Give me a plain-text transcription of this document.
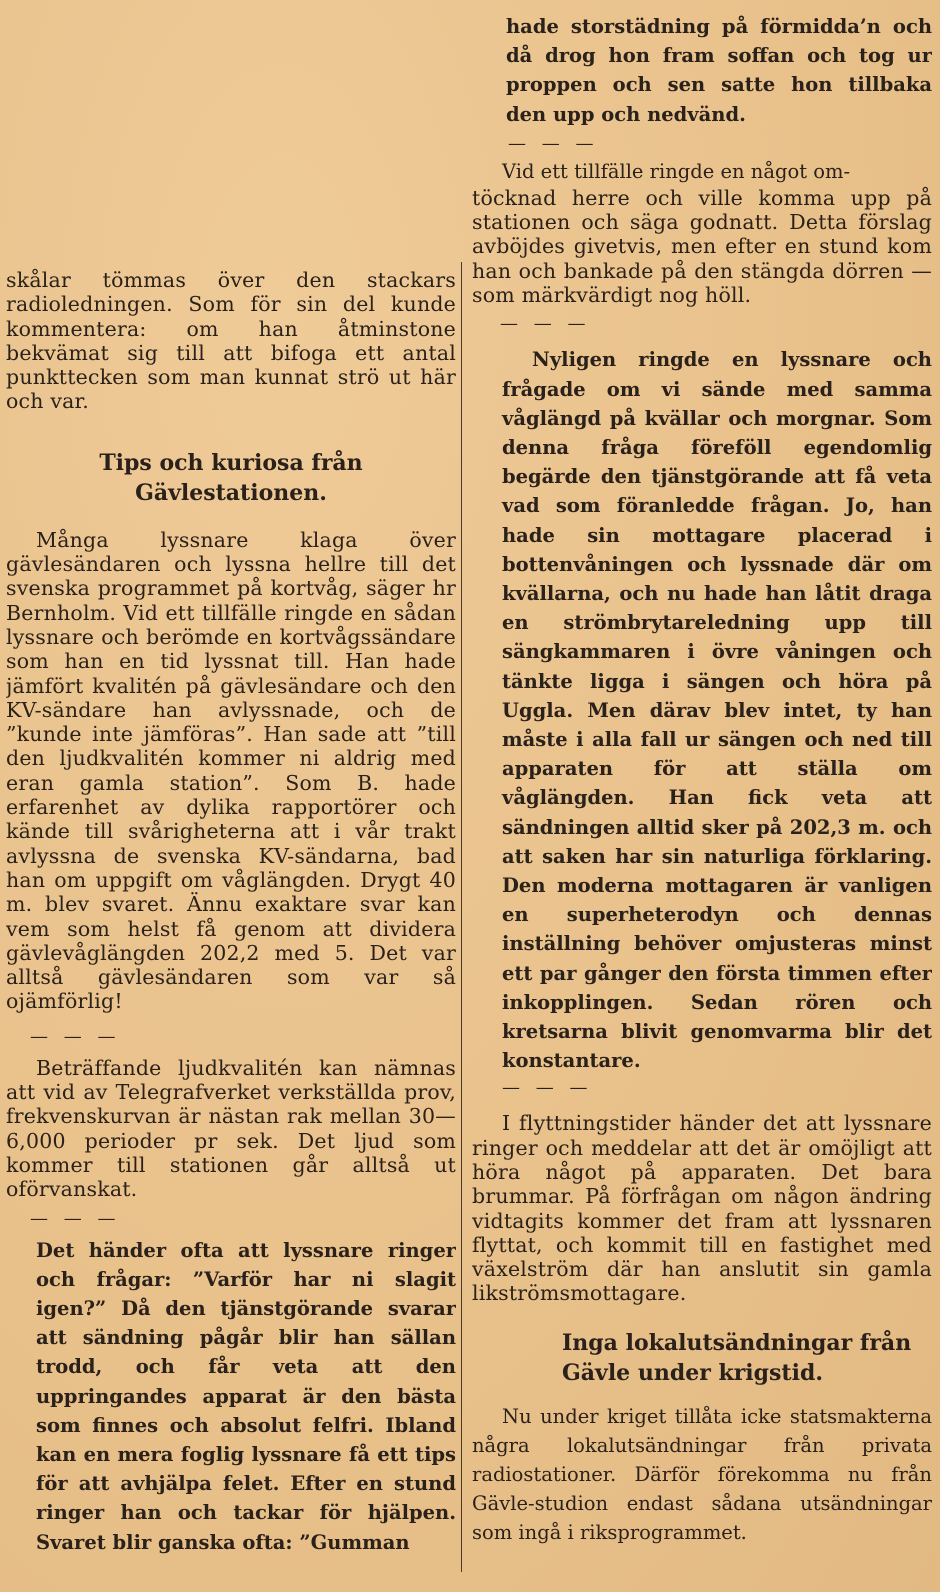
skålar tömmas över den stackars radioledningen. Som för sin del kunde kommentera: om han åtminstone bekvämat sig till att bifoga ett antal punkttecken som man kunnat strö ut här och var.

Tips och kuriosa från Gävlestationen.

Många lyssnare klaga över gävlesändaren och lyssna hellre till det svenska programmet på kortvåg, säger hr Bernholm. Vid ett tillfälle ringde en sådan lyssnare och berömde en kortvågssändare som han en tid lyssnat till. Han hade jämfört kvalitén på gävlesändare och den KV-sändare han avlyssnade, och de ”kunde inte jämföras”. Han sade att ”till den ljudkvalitén kommer ni aldrig med eran gamla station”. Som B. hade erfarenhet av dylika rapportörer och kände till svårigheterna att i vår trakt avlyssna de svenska KV-sändarna, bad han om uppgift om våglängden. Drygt 40 m. blev svaret. Ännu exaktare svar kan vem som helst få genom att dividera gävlevåglängden 202,2 med 5. Det var alltså gävlesändaren som var så ojämförlig!

— — —

Beträffande ljudkvalitén kan nämnas att vid av Telegrafverket verkställda prov, frekvenskurvan är nästan rak mellan 30—6,000 perioder pr sek. Det ljud som kommer till stationen går alltså ut oförvanskat.

— — —

Det händer ofta att lyssnare ringer och frågar: ”Varför har ni slagit igen?” Då den tjänstgörande svarar att sändning pågår blir han sällan trodd, och får veta att den uppringandes apparat är den bästa som finnes och absolut felfri. Ibland kan en mera foglig lyssnare få ett tips för att avhjälpa felet. Efter en stund ringer han och tackar för hjälpen. Svaret blir ganska ofta: ”Gumman

hade storstädning på förmidda’n och då drog hon fram soffan och tog ur proppen och sen satte hon tillbaka den upp och nedvänd.

— — —

Vid ett tillfälle ringde en något om-

töcknad herre och ville komma upp på stationen och säga godnatt. Detta förslag avböjdes givetvis, men efter en stund kom han och bankade på den stängda dörren — som märkvärdigt nog höll.

— — —

Nyligen ringde en lyssnare och frågade om vi sände med samma våglängd på kvällar och morgnar. Som denna fråga föreföll egendomlig begärde den tjänstgörande att få veta vad som föranledde frågan. Jo, han hade sin mottagare placerad i bottenvåningen och lyssnade där om kvällarna, och nu hade han låtit draga en strömbrytareledning upp till sängkammaren i övre våningen och tänkte ligga i sängen och höra på Uggla. Men därav blev intet, ty han måste i alla fall ur sängen och ned till apparaten för att ställa om våglängden. Han fick veta att sändningen alltid sker på 202,3 m. och att saken har sin naturliga förklaring. Den moderna mottagaren är vanligen en superheterodyn och dennas inställning behöver omjusteras minst ett par gånger den första timmen efter inkopplingen. Sedan rören och kretsarna blivit genomvarma blir det konstantare.

— — —

I flyttningstider händer det att lyssnare ringer och meddelar att det är omöjligt att höra något på apparaten. Det bara brummar. På förfrågan om någon ändring vidtagits kommer det fram att lyssnaren flyttat, och kommit till en fastighet med växelström där han anslutit sin gamla likströmsmottagare.

Inga lokalutsändningar från Gävle under krigstid.

Nu under kriget tillåta icke statsmakterna några lokalutsändningar från privata radiostationer. Därför förekomma nu från Gävle-studion endast sådana utsändningar som ingå i riksprogrammet.
